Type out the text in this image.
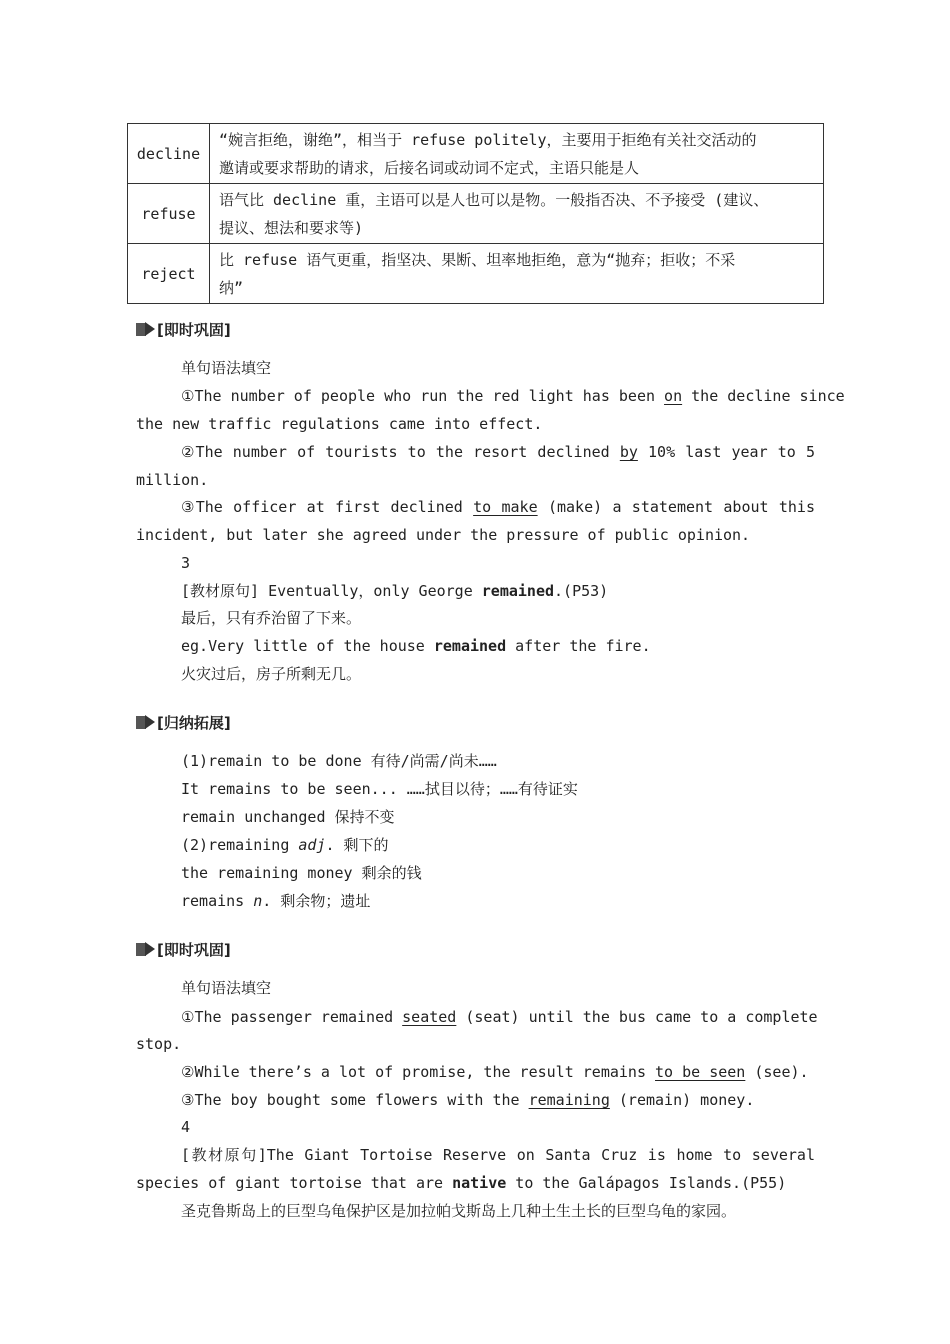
decline	“婉言拒绝，谢绝”，相当于 refuse politely，主要用于拒绝有关社交活动的
邀请或要求帮助的请求，后接名词或动词不定式，主语只能是人

refuse	语气比 decline 重，主语可以是人也可以是物。一般指否决、不予接受 (建议、
提议、想法和要求等)

reject	比 refuse 语气更重，指坚决、果断、坦率地拒绝，意为“抛弃；拒收；不采
纳”
[即时巩固]
单句语法填空
①The number of people who run the red light has been on the decline since
the new traffic regulations came into effect.
②The number of tourists to the resort declined by 10% last year to 5
million.
③The officer at first declined to make (make) a statement about this
incident, but later she agreed under the pressure of public opinion.
3
[教材原句] Eventually，only George remained.(P53)
最后，只有乔治留了下来。
eg.Very little of the house remained after the fire.
火灾过后，房子所剩无几。
[归纳拓展]
(1)remain to be done 有待/尚需/尚未……
It remains to be seen... ……拭目以待；……有待证实
remain unchanged 保持不变
(2)remaining adj. 剩下的
the remaining money 剩余的钱
remains n. 剩余物；遗址
[即时巩固]
单句语法填空
①The passenger remained seated (seat) until the bus came to a complete
stop.
②While there’s a lot of promise, the result remains to be seen (see).
③The boy bought some flowers with the remaining (remain) money.
4
[教材原句]The Giant Tortoise Reserve on Santa Cruz is home to several
species of giant tortoise that are native to the Galápagos Islands.(P55)
圣克鲁斯岛上的巨型乌龟保护区是加拉帕戈斯岛上几种土生土长的巨型乌龟的家园。
